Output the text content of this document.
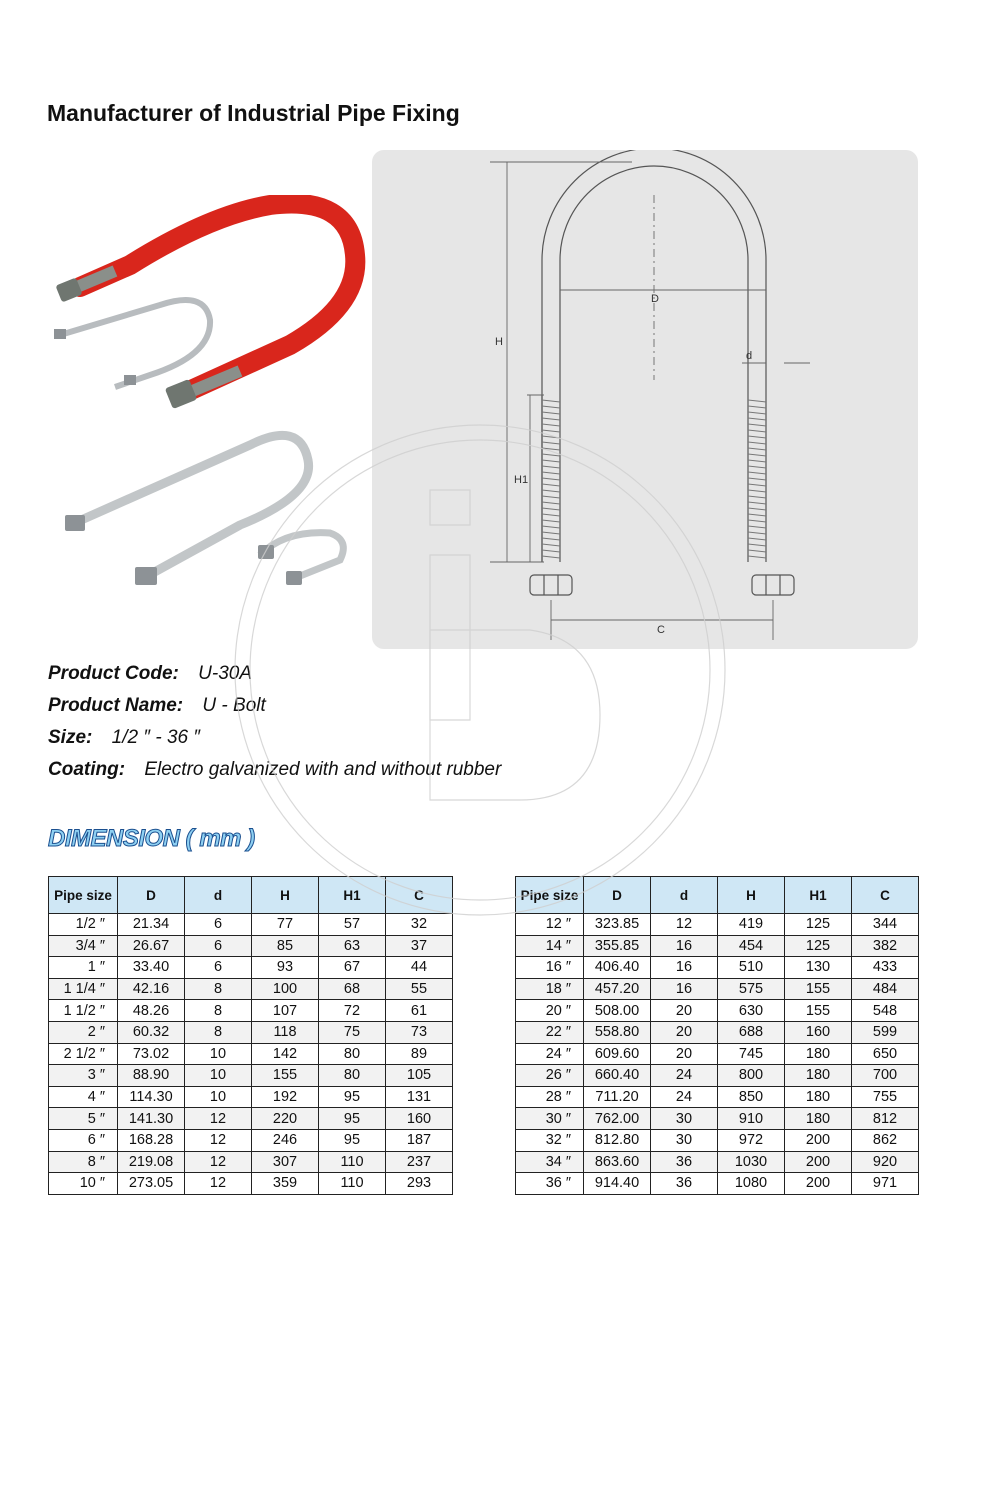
Manufacturer of Industrial Pipe Fixing
H
H1
D
d
C
Product Code: U-30A
Product Name: U - Bolt
Size: 1/2 ″ - 36 ″
Coating: Electro galvanized with and without rubber
DIMENSION ( mm )
Pipe size	D	d	H	H1	C
1/2 ″	21.34	6	77	57	32
3/4 ″	26.67	6	85	63	37
1 ″	33.40	6	93	67	44
1 1/4 ″	42.16	8	100	68	55
1 1/2 ″	48.26	8	107	72	61
2 ″	60.32	8	118	75	73
2 1/2 ″	73.02	10	142	80	89
3 ″	88.90	10	155	80	105
4 ″	114.30	10	192	95	131
5 ″	141.30	12	220	95	160
6 ″	168.28	12	246	95	187
8 ″	219.08	12	307	110	237
10 ″	273.05	12	359	110	293
Pipe size	D	d	H	H1	C
12 ″	323.85	12	419	125	344
14 ″	355.85	16	454	125	382
16 ″	406.40	16	510	130	433
18 ″	457.20	16	575	155	484
20 ″	508.00	20	630	155	548
22 ″	558.80	20	688	160	599
24 ″	609.60	20	745	180	650
26 ″	660.40	24	800	180	700
28 ″	711.20	24	850	180	755
30 ″	762.00	30	910	180	812
32 ″	812.80	30	972	200	862
34 ″	863.60	36	1030	200	920
36 ″	914.40	36	1080	200	971
